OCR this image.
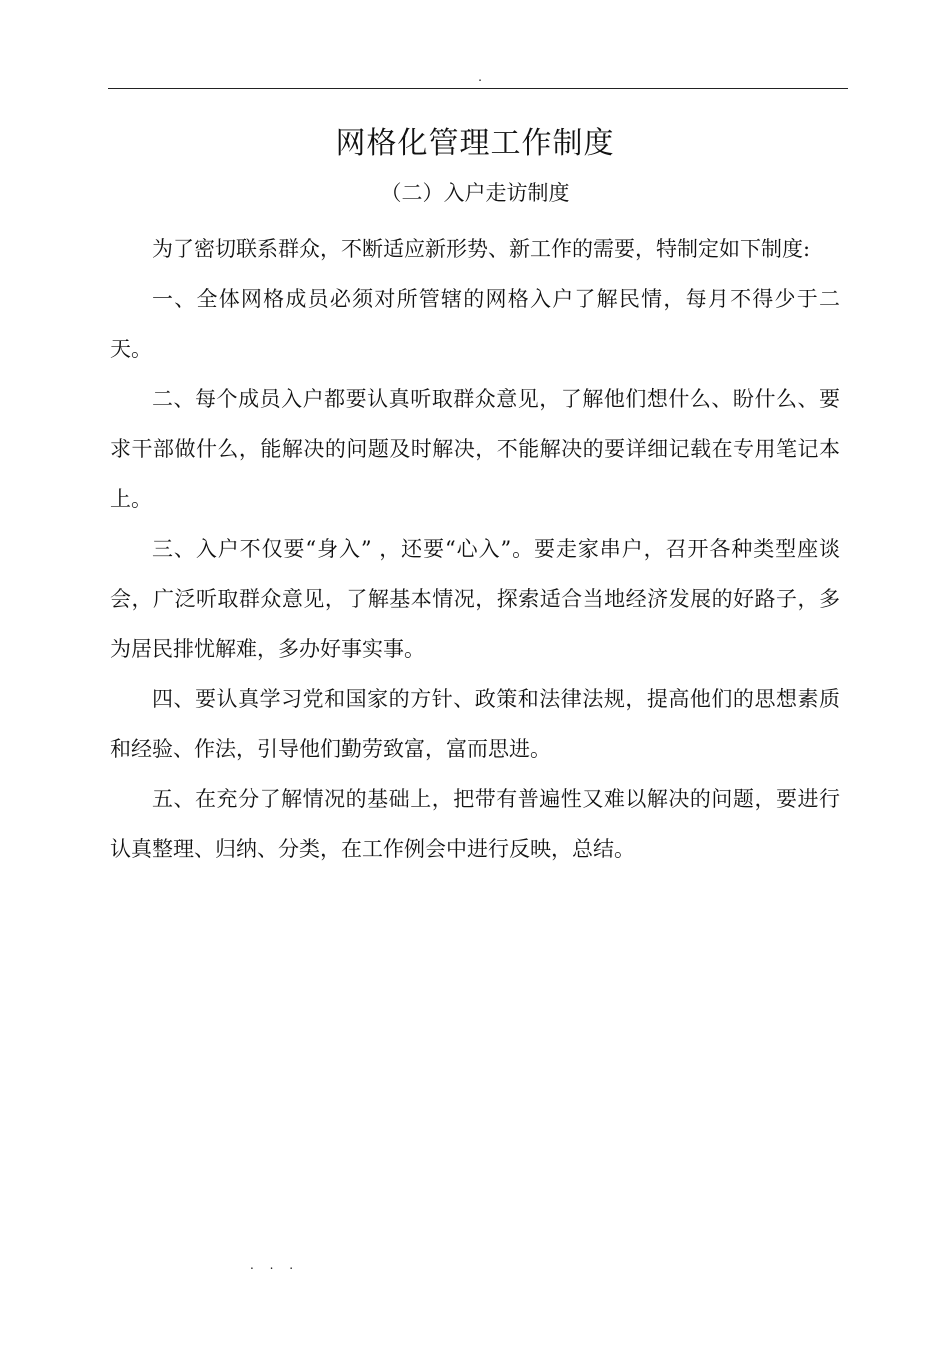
.
网格化管理工作制度
（二）入户走访制度

为了密切联系群众，不断适应新形势、新工作的需要，特制定如下制度:

一、全体网格成员必须对所管辖的网格入户了解民情，每月不得少于二天。

二、每个成员入户都要认真听取群众意见，了解他们想什么、盼什么、要求干部做什么，能解决的问题及时解决，不能解决的要详细记载在专用笔记本上。

三、入户不仅要“身入” ，还要“心入”。要走家串户，召开各种类型座谈会，广泛听取群众意见，了解基本情况，探索适合当地经济发展的好路子，多为居民排忧解难，多办好事实事。

四、要认真学习党和国家的方针、政策和法律法规，提高他们的思想素质和经验、作法，引导他们勤劳致富，富而思进。

五、在充分了解情况的基础上，把带有普遍性又难以解决的问题，要进行认真整理、归纳、分类，在工作例会中进行反映，总结。

. . .
